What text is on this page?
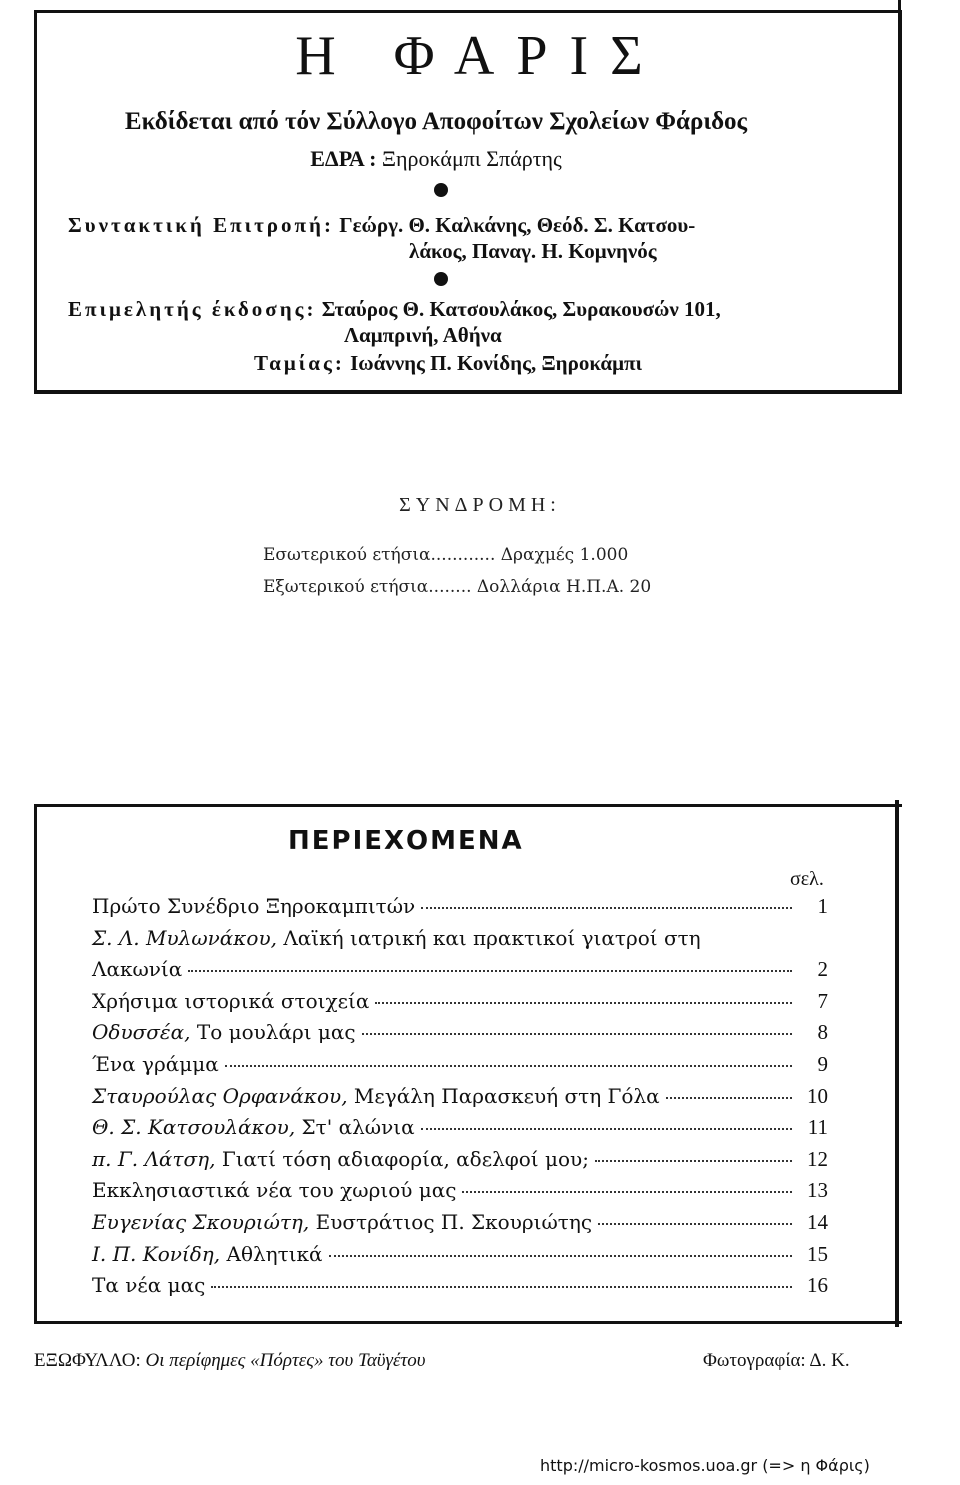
Η ΦΑΡΙΣ
Εκδίδεται από τόν Σύλλογο Αποφοίτων Σχολείων Φάριδος
ΕΔΡΑ : Ξηροκάμπι Σπάρτης
Συντακτική Επιτροπή: Γεώργ. Θ. Καλκάνης, Θεόδ. Σ. Κατσου-
λάκος, Παναγ. Η. Κομνηνός
Επιμελητής έκδοσης: Σταύρος Θ. Κατσουλάκος, Συρακουσών 101,
Λαμπρινή, Αθήνα
Ταμίας: Ιωάννης Π. Κονίδης, Ξηροκάμπι
ΣΥΝΔΡΟΜΗ:
Εσωτερικού ετήσια............ Δραχμές 1.000
Εξωτερικού ετήσια........ Δολλάρια Η.Π.Α. 20
ΠΕΡΙΕΧΟΜΕΝΑ
σελ.
Πρώτο Συνέδριο Ξηροκαμπιτών	1
Σ. Λ. Μυλωνάκου, Λαϊκή ιατρική και πρακτικοί γιατροί στη
Λακωνία	2
Χρήσιμα ιστορικά στοιχεία	7
Οδυσσέα, Το μουλάρι μας	8
Ένα γράμμα	9
Σταυρούλας Ορφανάκου, Μεγάλη Παρασκευή στη Γόλα	10
Θ. Σ. Κατσουλάκου, Στ' αλώνια	11
π. Γ. Λάτση, Γιατί τόση αδιαφορία, αδελφοί μου;	12
Εκκλησιαστικά νέα του χωριού μας	13
Ευγενίας Σκουριώτη, Ευστράτιος Π. Σκουριώτης	14
Ι. Π. Κονίδη, Αθλητικά	15
Τα νέα μας	16
ΕΞΩΦΥΛΛΟ: Οι περίφημες «Πόρτες» του Ταϋγέτου	Φωτογραφία: Δ. Κ.
http://micro-kosmos.uoa.gr (=> η Φάρις)
